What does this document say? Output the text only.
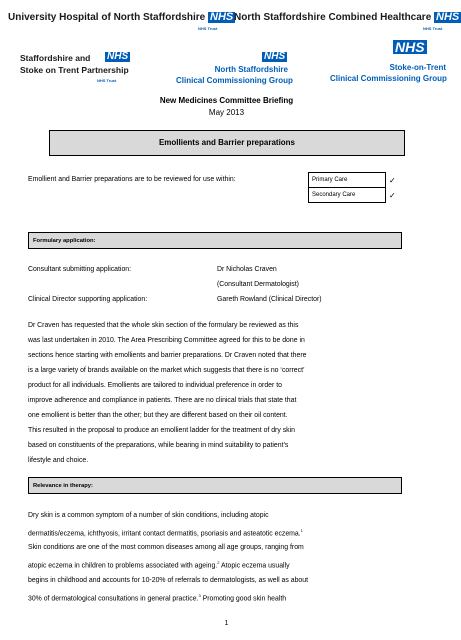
University Hospital of North Staffordshire NHS
NHS Trust
North Staffordshire Combined Healthcare NHS
NHS Trust
Staffordshire and
Stoke on Trent Partnership
NHS
NHS Trust
NHS
North Staffordshire
Clinical Commissioning Group
NHS
Stoke-on-Trent
Clinical Commissioning Group
New Medicines Committee Briefing
May 2013
Emollients and Barrier preparations
Emollient and Barrier preparations are to be reviewed for use within:	Primary Care	✓
Secondary Care	✓
Formulary application:
Consultant submitting application:	Dr Nicholas Craven
(Consultant Dermatologist)
Clinical Director supporting application:	Gareth Rowland (Clinical Director)
Dr Craven has requested that the whole skin section of the formulary be reviewed as this
was last undertaken in 2010. The Area Prescribing Committee agreed for this to be done in
sections hence starting with emollients and barrier preparations. Dr Craven noted that there
is a large variety of brands available on the market which suggests that there is no ‘correct’
product for all individuals. Emollients are tailored to individual preference in order to
improve adherence and compliance in patients. There are no clinical trials that state that
one emollient is better than the other; but they are different based on their oil content.
This resulted in the proposal to produce an emollient ladder for the treatment of dry skin
based on constituents of the preparations, while bearing in mind suitability to patient’s
lifestyle and choice.
Relevance in therapy:
Dry skin is a common symptom of a number of skin conditions, including atopic
dermatitis/eczema, ichthyosis, irritant contact dermatitis, psoriasis and asteatotic eczema.$^1$
Skin conditions are one of the most common diseases among all age groups, ranging from
atopic eczema in children to problems associated with ageing.$^2$ Atopic eczema usually
begins in childhood and accounts for 10-20% of referrals to dermatologists, as well as about
30% of dermatological consultations in general practice.$^3$ Promoting good skin health
1
